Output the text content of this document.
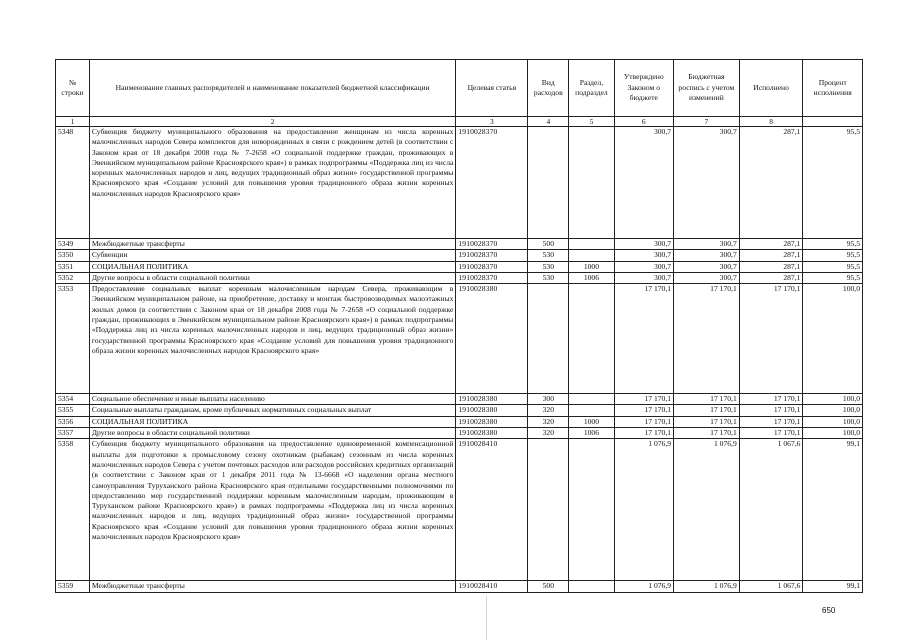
№ строки	Наименование главных распорядителей и наименование показателей бюджетной классификации	Целевая статья	Вид расходов	Раздел, подраздел	Утверждено Законом о бюджете	Бюджетная роспись с учетом изменений	Исполнено	Процент исполнения
1	2	3	4	5	6	7	8	
5348	Субвенция бюджету муниципального образования на предоставление женщинам из числа коренных малочисленных народов Севера комплектов для новорожденных в связи с рождением детей (в соответствии с Законом края от 18 декабря 2008 года № 7-2658 «О социальной поддержке граждан, проживающих в Эвенкийском муниципальном районе Красноярского края») в рамках подпрограммы «Поддержка лиц из числа коренных малочисленных народов и лиц, ведущих традиционный образ жизни» государственной программы Красноярского края «Создание условий для повышения уровня традиционного образа жизни коренных малочисленных народов Красноярского края»	1910028370			300,7	300,7	287,1	95,5
5349	Межбюджетные трансферты	1910028370	500		300,7	300,7	287,1	95,5
5350	Субвенции	1910028370	530		300,7	300,7	287,1	95,5
5351	СОЦИАЛЬНАЯ ПОЛИТИКА	1910028370	530	1000	300,7	300,7	287,1	95,5
5352	Другие вопросы в области социальной политики	1910028370	530	1006	300,7	300,7	287,1	95,5
5353	Предоставление социальных выплат коренным малочисленным народам Севера, проживающим в Эвенкийском муниципальном районе, на приобретение, доставку и монтаж быстровозводимых малоэтажных жилых домов (в соответствии с Законом края от 18 декабря 2008 года № 7-2658 «О социальной поддержке граждан, проживающих в Эвенкийском муниципальном районе Красноярского края») в рамках подпрограммы «Поддержка лиц из числа коренных малочисленных народов и лиц, ведущих традиционный образ жизни» государственной программы Красноярского края «Создание условий для повышения уровня традиционного образа жизни коренных малочисленных народов Красноярского края»	1910028380			17 170,1	17 170,1	17 170,1	100,0
5354	Социальное обеспечение и иные выплаты населению	1910028380	300		17 170,1	17 170,1	17 170,1	100,0
5355	Социальные выплаты гражданам, кроме публичных нормативных социальных выплат	1910028380	320		17 170,1	17 170,1	17 170,1	100,0
5356	СОЦИАЛЬНАЯ ПОЛИТИКА	1910028380	320	1000	17 170,1	17 170,1	17 170,1	100,0
5357	Другие вопросы в области социальной политики	1910028380	320	1006	17 170,1	17 170,1	17 170,1	100,0
5358	Субвенция бюджету муниципального образования на предоставление единовременной компенсационной выплаты для подготовки к промысловому сезону охотникам (рыбакам) сезонным из числа коренных малочисленных народов Севера с учетом почтовых расходов или расходов российских кредитных организаций (в соответствии с Законом края от 1 декабря 2011 года № 13-6668 «О наделении органа местного самоуправления Туруханского района Красноярского края отдельными государственными полномочиями по предоставлению мер государственной поддержки коренным малочисленным народам, проживающим в Туруханском районе Красноярского края») в рамках подпрограммы «Поддержка лиц из числа коренных малочисленных народов и лиц, ведущих традиционный образ жизни» государственной программы Красноярского края «Создание условий для повышения уровня традиционного образа жизни коренных малочисленных народов Красноярского края»	1910028410			1 076,9	1 076,9	1 067,6	99,1
5359	Межбюджетные трансферты	1910028410	500		1 076,9	1 076,9	1 067,6	99,1
650
